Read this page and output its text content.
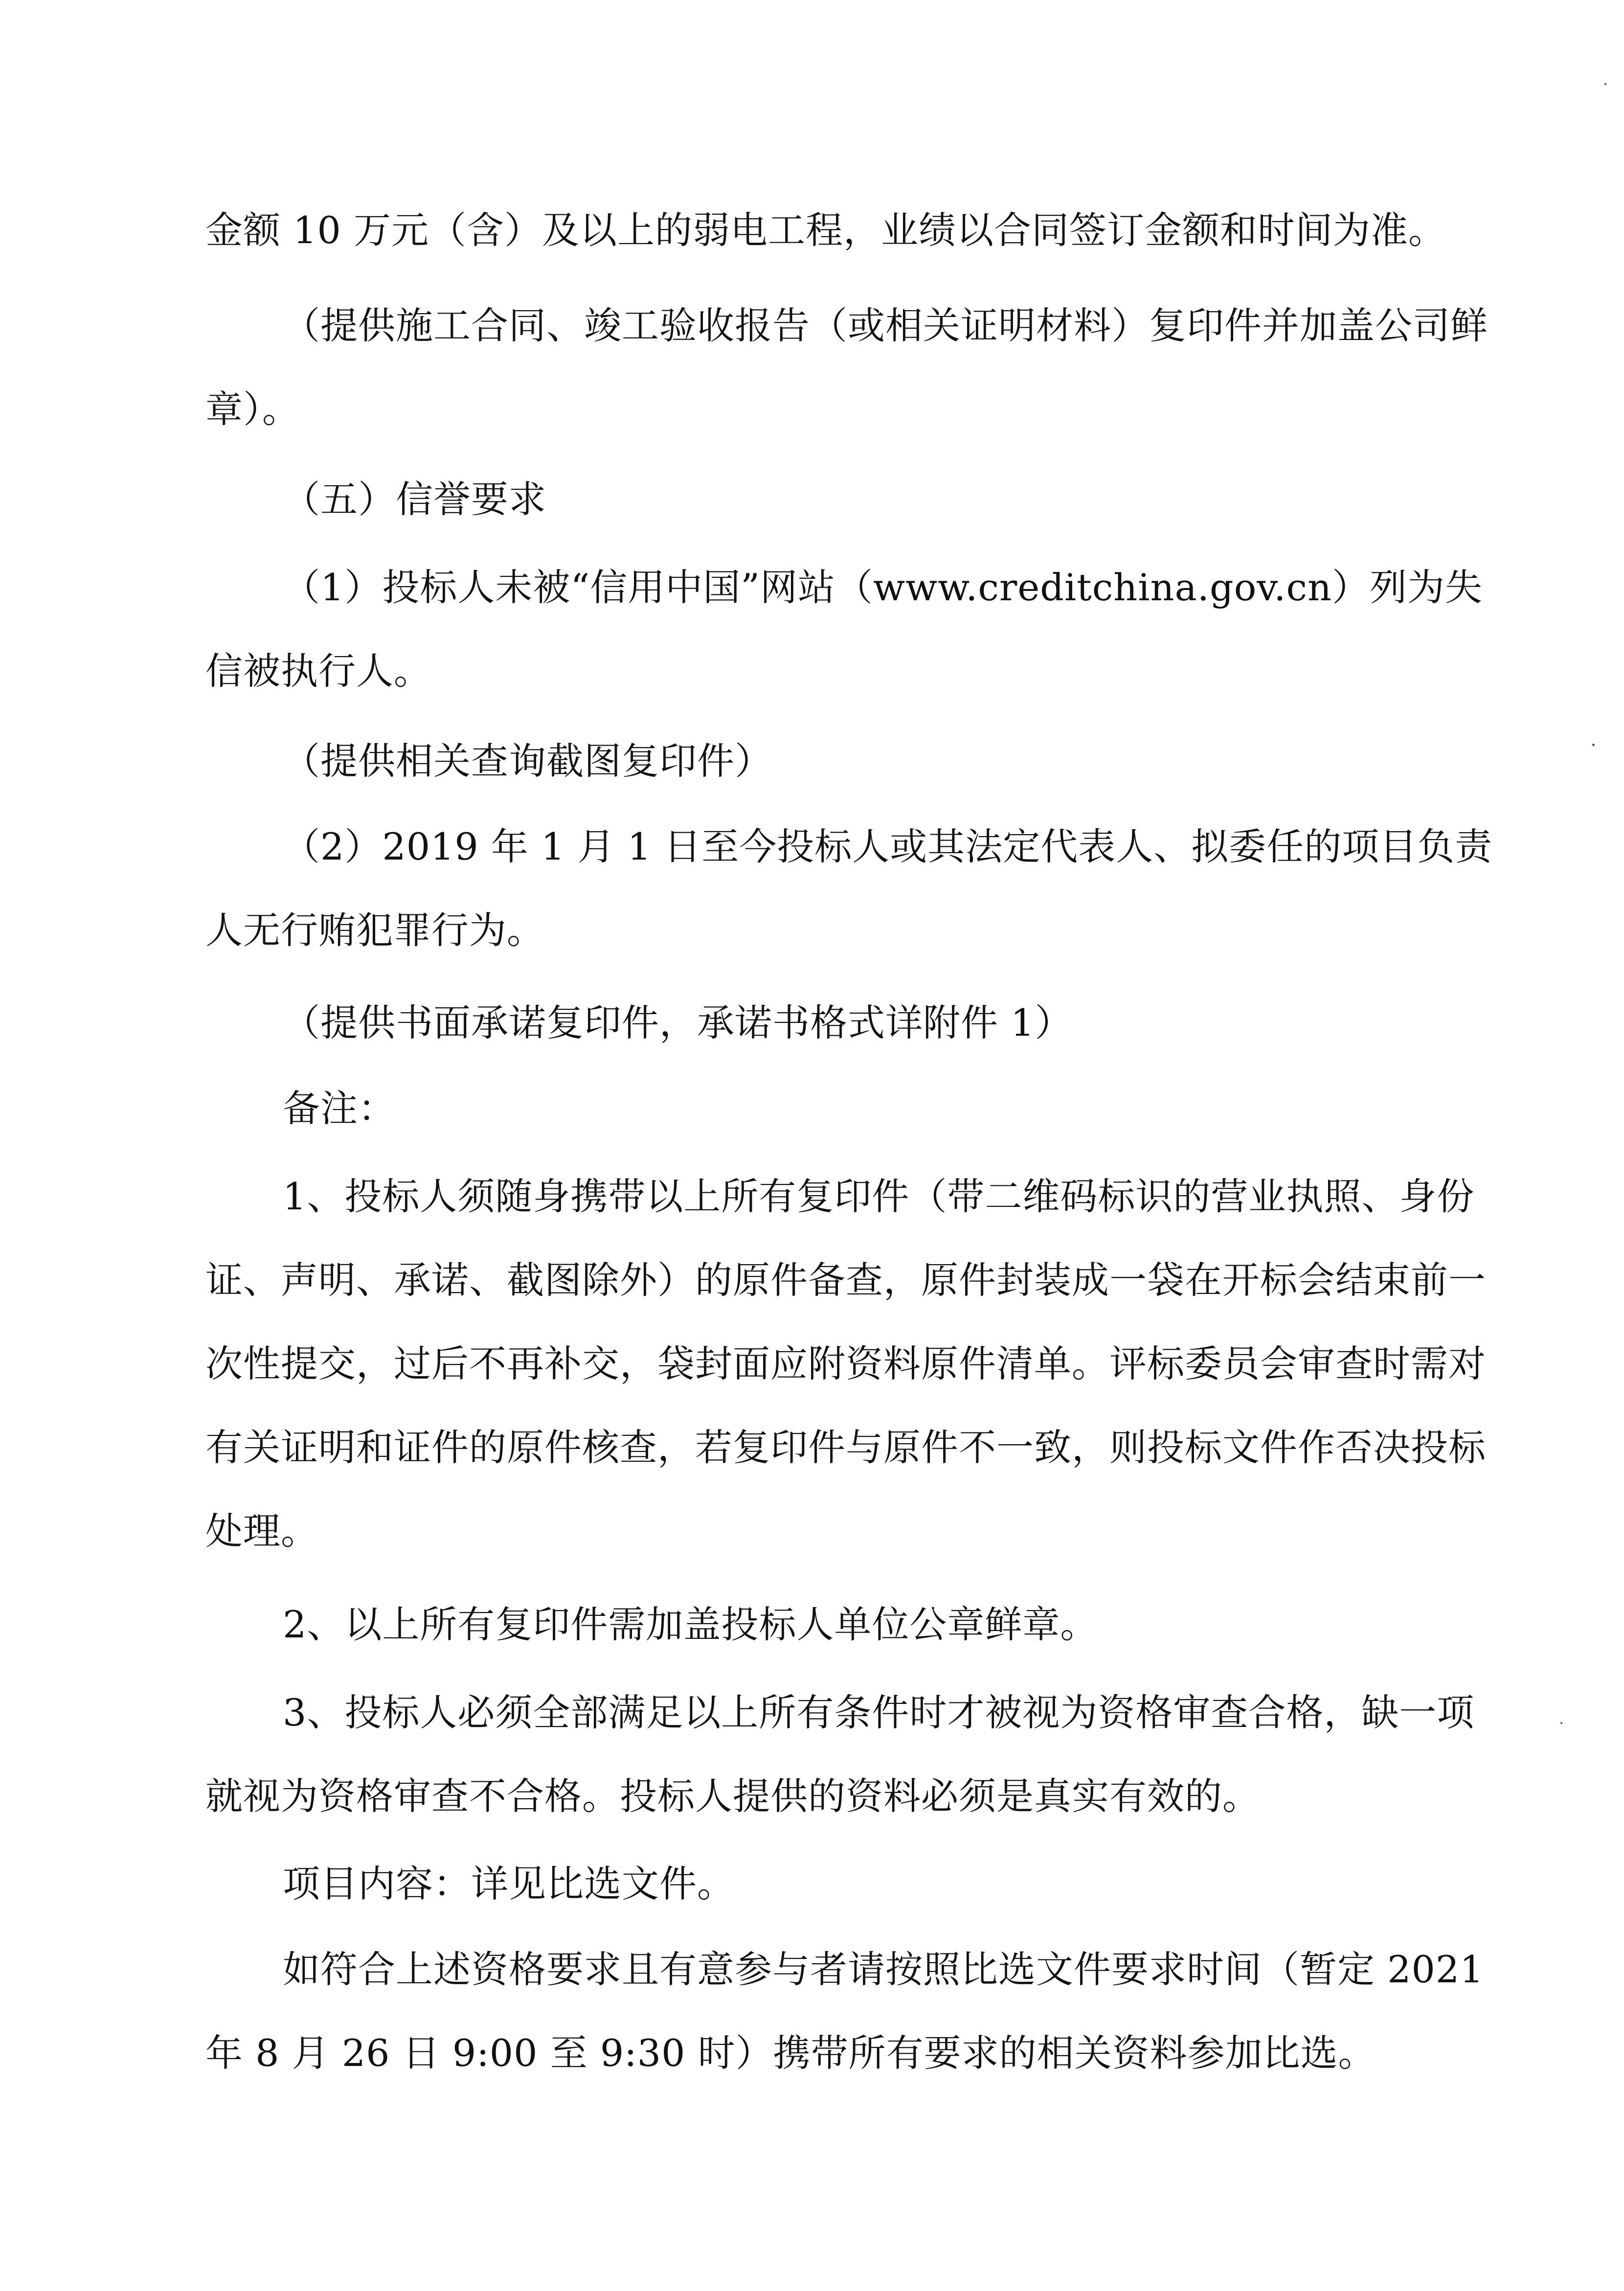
金额 10 万元（含）及以上的弱电工程，业绩以合同签订金额和时间为准。

（提供施工合同、竣工验收报告（或相关证明材料）复印件并加盖公司鲜章）。

（五）信誉要求

（1）投标人未被“信用中国”网站（www.creditchina.gov.cn）列为失信被执行人。

（提供相关查询截图复印件）

（2）2019 年 1 月 1 日至今投标人或其法定代表人、拟委任的项目负责人无行贿犯罪行为。

（提供书面承诺复印件，承诺书格式详附件 1）

备注：

1、投标人须随身携带以上所有复印件（带二维码标识的营业执照、身份证、声明、承诺、截图除外）的原件备查，原件封装成一袋在开标会结束前一次性提交，过后不再补交，袋封面应附资料原件清单。评标委员会审查时需对有关证明和证件的原件核查，若复印件与原件不一致，则投标文件作否决投标处理。

2、以上所有复印件需加盖投标人单位公章鲜章。

3、投标人必须全部满足以上所有条件时才被视为资格审查合格，缺一项就视为资格审查不合格。投标人提供的资料必须是真实有效的。

项目内容：详见比选文件。

如符合上述资格要求且有意参与者请按照比选文件要求时间（暂定 2021 年 8 月 26 日 9:00 至 9:30 时）携带所有要求的相关资料参加比选。
